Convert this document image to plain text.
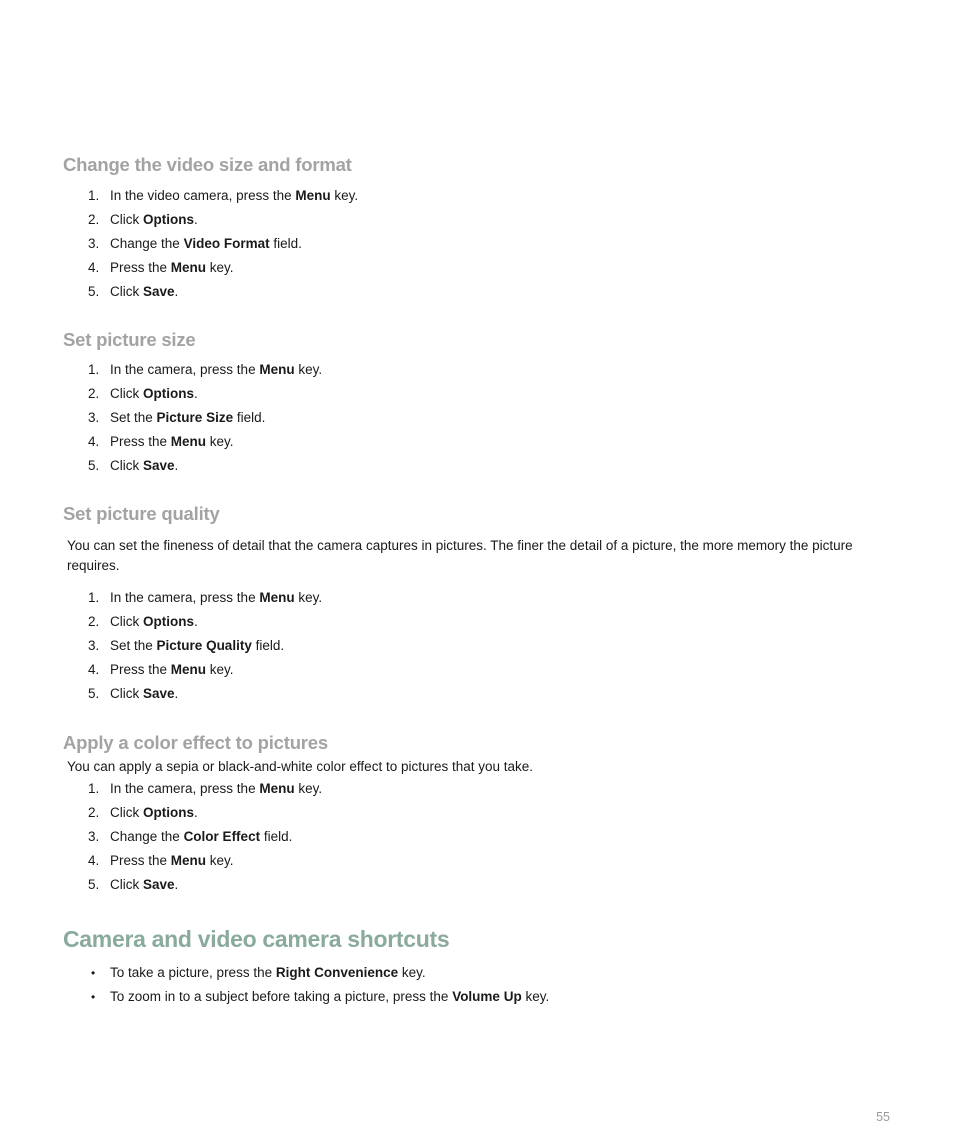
Change the video size and format
1. In the video camera, press the Menu key.
2. Click Options.
3. Change the Video Format field.
4. Press the Menu key.
5. Click Save.
Set picture size
1. In the camera, press the Menu key.
2. Click Options.
3. Set the Picture Size field.
4. Press the Menu key.
5. Click Save.
Set picture quality

You can set the fineness of detail that the camera captures in pictures. The finer the detail of a picture, the more memory the picture requires.

1. In the camera, press the Menu key.
2. Click Options.
3. Set the Picture Quality field.
4. Press the Menu key.
5. Click Save.
Apply a color effect to pictures

You can apply a sepia or black-and-white color effect to pictures that you take.

1. In the camera, press the Menu key.
2. Click Options.
3. Change the Color Effect field.
4. Press the Menu key.
5. Click Save.
Camera and video camera shortcuts
• To take a picture, press the Right Convenience key.
• To zoom in to a subject before taking a picture, press the Volume Up key.
55
